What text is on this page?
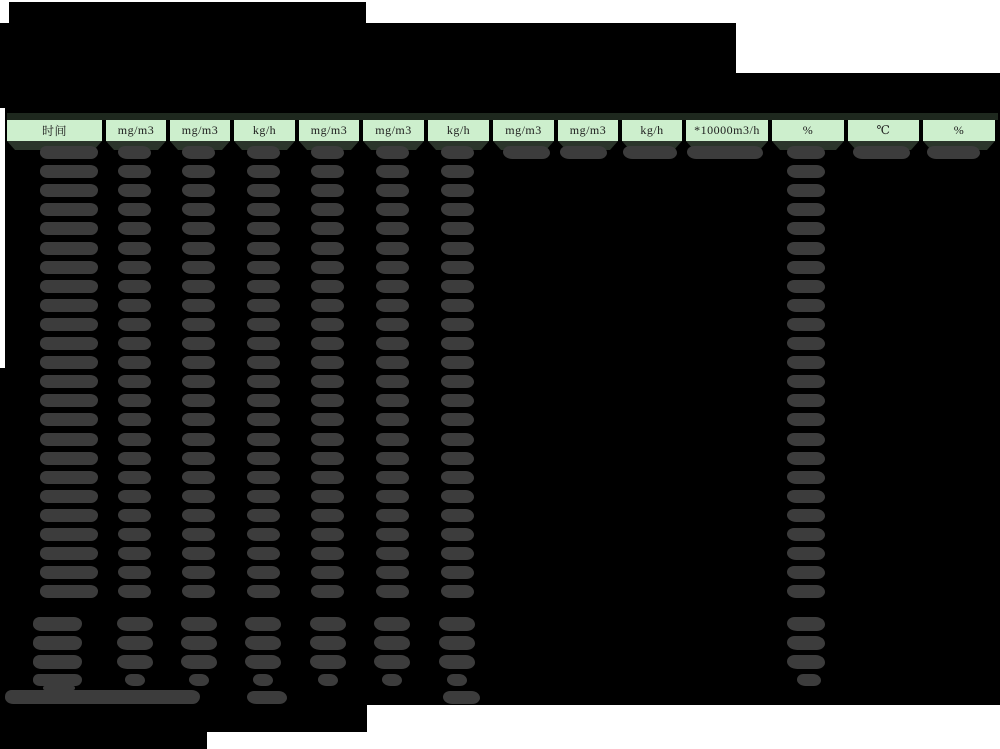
时间	mg/m3	mg/m3	kg/h	mg/m3	mg/m3	kg/h	mg/m3	mg/m3	kg/h	*10000m3/h	%	℃	%
